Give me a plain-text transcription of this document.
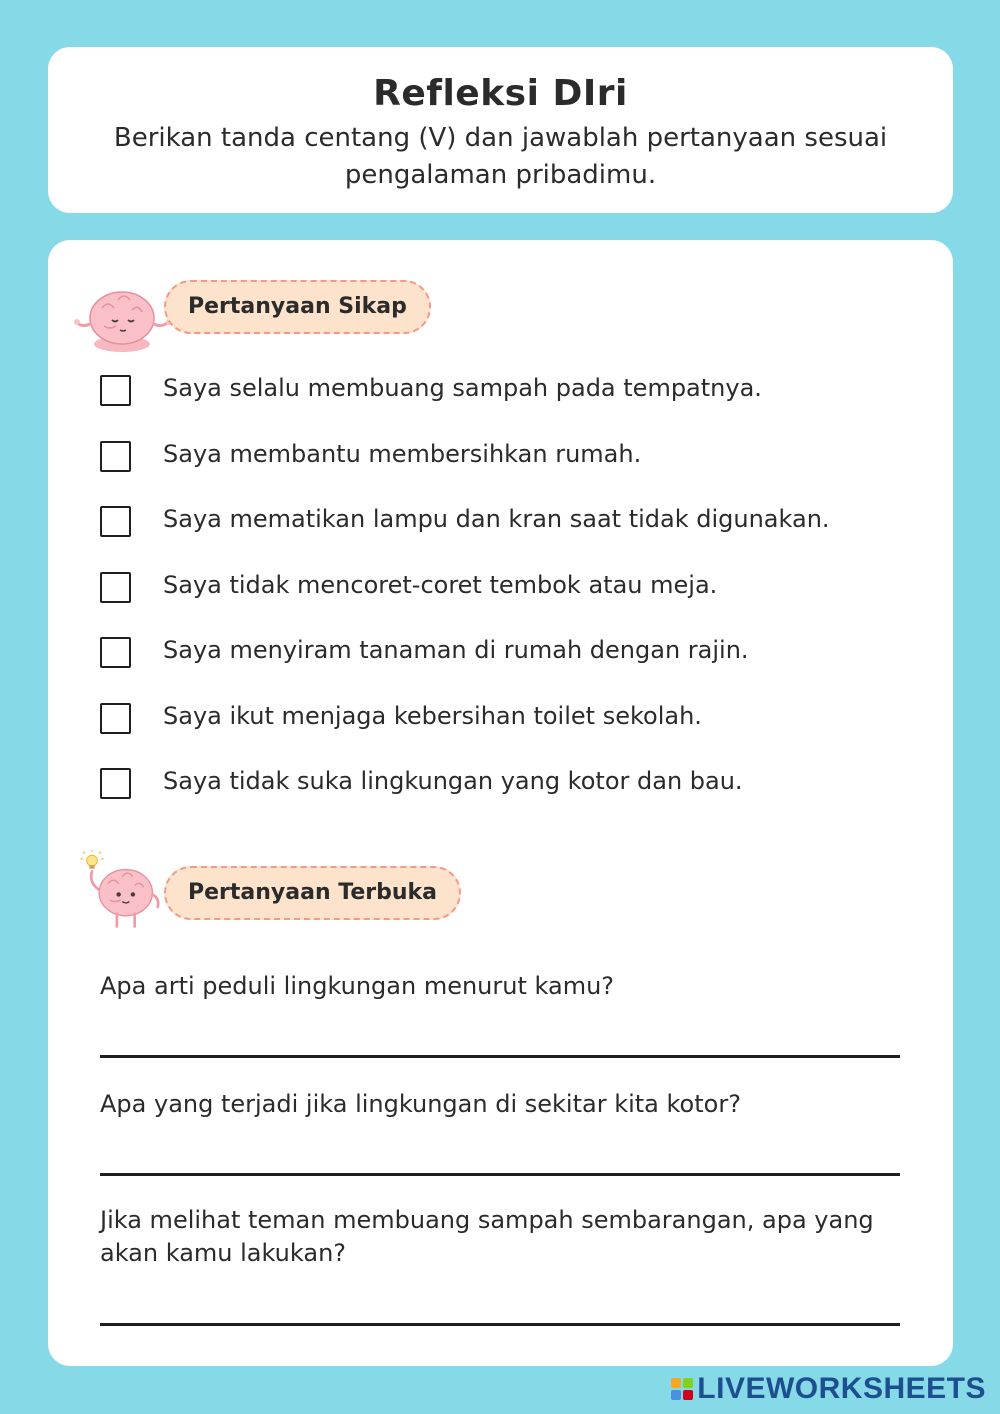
Refleksi DIri
Berikan tanda centang (V) dan jawablah pertanyaan sesuai pengalaman pribadimu.
Pertanyaan Sikap
Saya selalu membuang sampah pada tempatnya.
Saya membantu membersihkan rumah.
Saya mematikan lampu dan kran saat tidak digunakan.
Saya tidak mencoret-coret tembok atau meja.
Saya menyiram tanaman di rumah dengan rajin.
Saya ikut menjaga kebersihan toilet sekolah.
Saya tidak suka lingkungan yang kotor dan bau.
Pertanyaan Terbuka
Apa arti peduli lingkungan menurut kamu?
Apa yang terjadi jika lingkungan di sekitar kita kotor?
Jika melihat teman membuang sampah sembarangan, apa yang akan kamu lakukan?
LIVEWORKSHEETS
